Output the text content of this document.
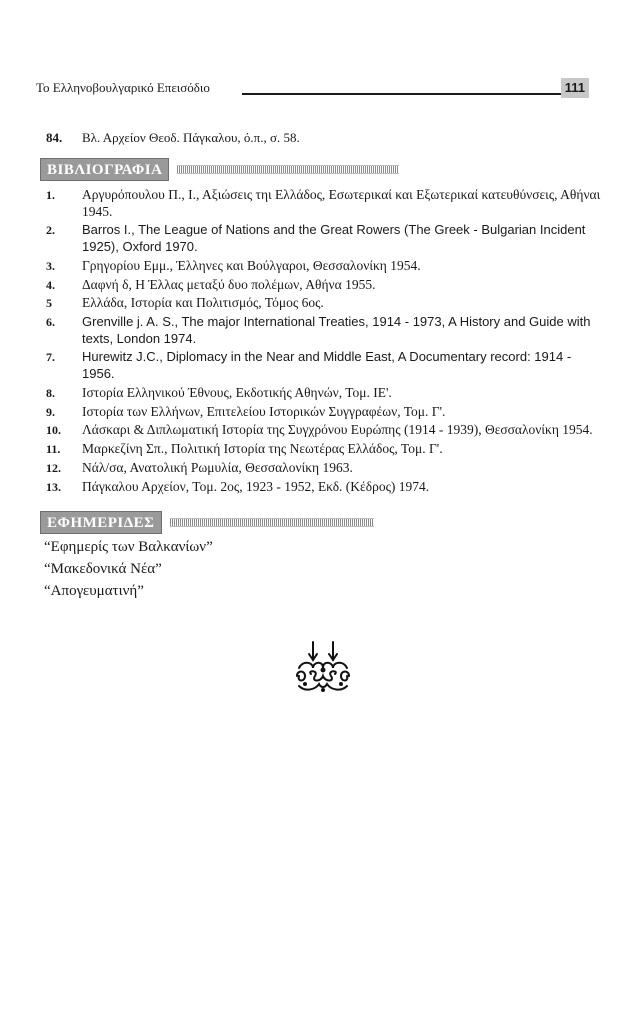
Το Ελληνοβουλγαρικό Επεισόδιο	111
84.	Βλ. Αρχείον Θεοδ. Πάγκαλου, ό.π., σ. 58.
ΒΙΒΛΙΟΓΡΑΦΙΑ
1.	Αργυρόπουλου Π., Ι., Αξιώσεις τηι Ελλάδος, Εσωτερικαί και Εξωτερικαί κατευθύνσεις, Αθήναι 1945.
2.	Barros I., The League of Nations and the Great Rowers (The Greek - Bulgarian Incident 1925), Oxford 1970.
3.	Γρηγορίου Εμμ., Έλληνες και Βούλγαροι, Θεσσαλονίκη 1954.
4.	Δαφνή δ, Η Έλλας μεταξύ δυο πολέμων, Αθήνα 1955.
5	Ελλάδα, Ιστορία και Πολιτισμός, Τόμος 6ος.
6.	Grenville j. A. S., The major International Treaties, 1914 - 1973, A History and Guide with texts, London 1974.
7.	Hurewitz J.C., Diplomacy in the Near and Middle East, A Documentary record: 1914 - 1956.
8.	Ιστορία Ελληνικού Έθνους, Εκδοτικής Αθηνών, Τομ. ΙΕ'.
9.	Ιστορία των Ελλήνων, Επιτελείου Ιστορικών Συγγραφέων, Τομ. Γ'.
10.	Λάσκαρι & Διπλωματική Ιστορία της Συγχρόνου Ευρώπης (1914 - 1939), Θεσσαλονίκη 1954.
11.	Μαρκεζίνη Σπ., Πολιτική Ιστορία της Νεωτέρας Ελλάδος, Τομ. Γ'.
12.	Νάλ/σα, Ανατολική Ρωμυλία, Θεσσαλονίκη 1963.
13.	Πάγκαλου Αρχείον, Τομ. 2ος, 1923 - 1952, Εκδ. (Κέδρος) 1974.
ΕΦΗΜΕΡΙΔΕΣ
“Εφημερίς των Βαλκανίων”
“Μακεδονικά Νέα”
“Απογευματινή”
